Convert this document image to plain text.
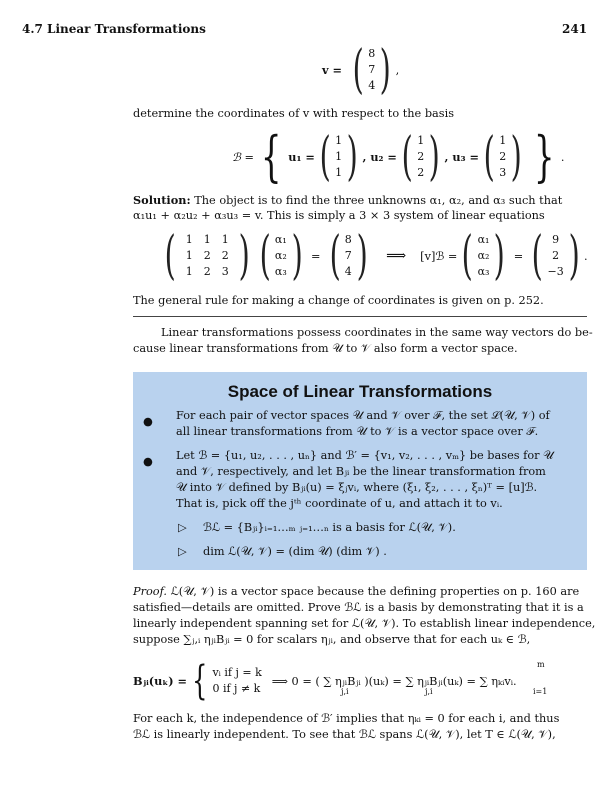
4.7 Linear Transformations	241
v = ( 8
7
4 ) ,
determine the coordinates of v with respect to the basis
ℬ = { u₁ = ( 1
1
1 ) , u₂ = ( 1
2
2 ) , u₃ = ( 1
2
3 ) } .
Solution: The object is to find the three unknowns α₁, α₂, and α₃ such that
α₁u₁ + α₂u₂ + α₃u₃ = v. This is simply a 3 × 3 system of linear equations
( 1	1	1
1	2	2
1	2	3 ) ( α₁
α₂
α₃ ) = ( 8
7
4 ) ⟹ [v]ℬ = ( α₁
α₂
α₃ ) = ( 9
2
−3 ) .
The general rule for making a change of coordinates is given on p. 252.
Linear transformations possess coordinates in the same way vectors do be-
cause linear transformations from 𝒰 to 𝒱 also form a vector space.
Space of Linear Transformations
● For each pair of vector spaces 𝒰 and 𝒱 over ℱ, the set ℒ(𝒰, 𝒱) of
all linear transformations from 𝒰 to 𝒱 is a vector space over ℱ.
● Let ℬ = {u₁, u₂, . . . , uₙ} and ℬ′ = {v₁, v₂, . . . , vₘ} be bases for 𝒰
and 𝒱, respectively, and let Bⱼᵢ be the linear transformation from
𝒰 into 𝒱 defined by Bⱼᵢ(u) = ξⱼvᵢ, where (ξ₁, ξ₂, . . . , ξₙ)ᵀ = [u]ℬ.
That is, pick off the jᵗʰ coordinate of u, and attach it to vᵢ.
▷ ℬℒ = {Bⱼᵢ}ᵢ₌₁…ₘ ⱼ₌₁…ₙ is a basis for ℒ(𝒰, 𝒱).
▷ dim ℒ(𝒰, 𝒱) = (dim 𝒰) (dim 𝒱) .
Proof. ℒ(𝒰, 𝒱) is a vector space because the defining properties on p. 160 are
satisfied—details are omitted. Prove ℬℒ is a basis by demonstrating that it is a
linearly independent spanning set for ℒ(𝒰, 𝒱). To establish linear independence,
suppose ∑ⱼ,ᵢ ηⱼᵢBⱼᵢ = 0 for scalars ηⱼᵢ, and observe that for each uₖ ∈ ℬ,
Bⱼᵢ(uₖ) = { vᵢ if j = k
0 if j ≠ k
⟹ 0 = ( ∑ ηⱼᵢBⱼᵢ )(uₖ) = ∑ ηⱼᵢBⱼᵢ(uₖ) = ∑ ηₖᵢvᵢ.
j,i	j,i	i=1
m
For each k, the independence of ℬ′ implies that ηₖᵢ = 0 for each i, and thus
ℬℒ is linearly independent. To see that ℬℒ spans ℒ(𝒰, 𝒱), let T ∈ ℒ(𝒰, 𝒱),
